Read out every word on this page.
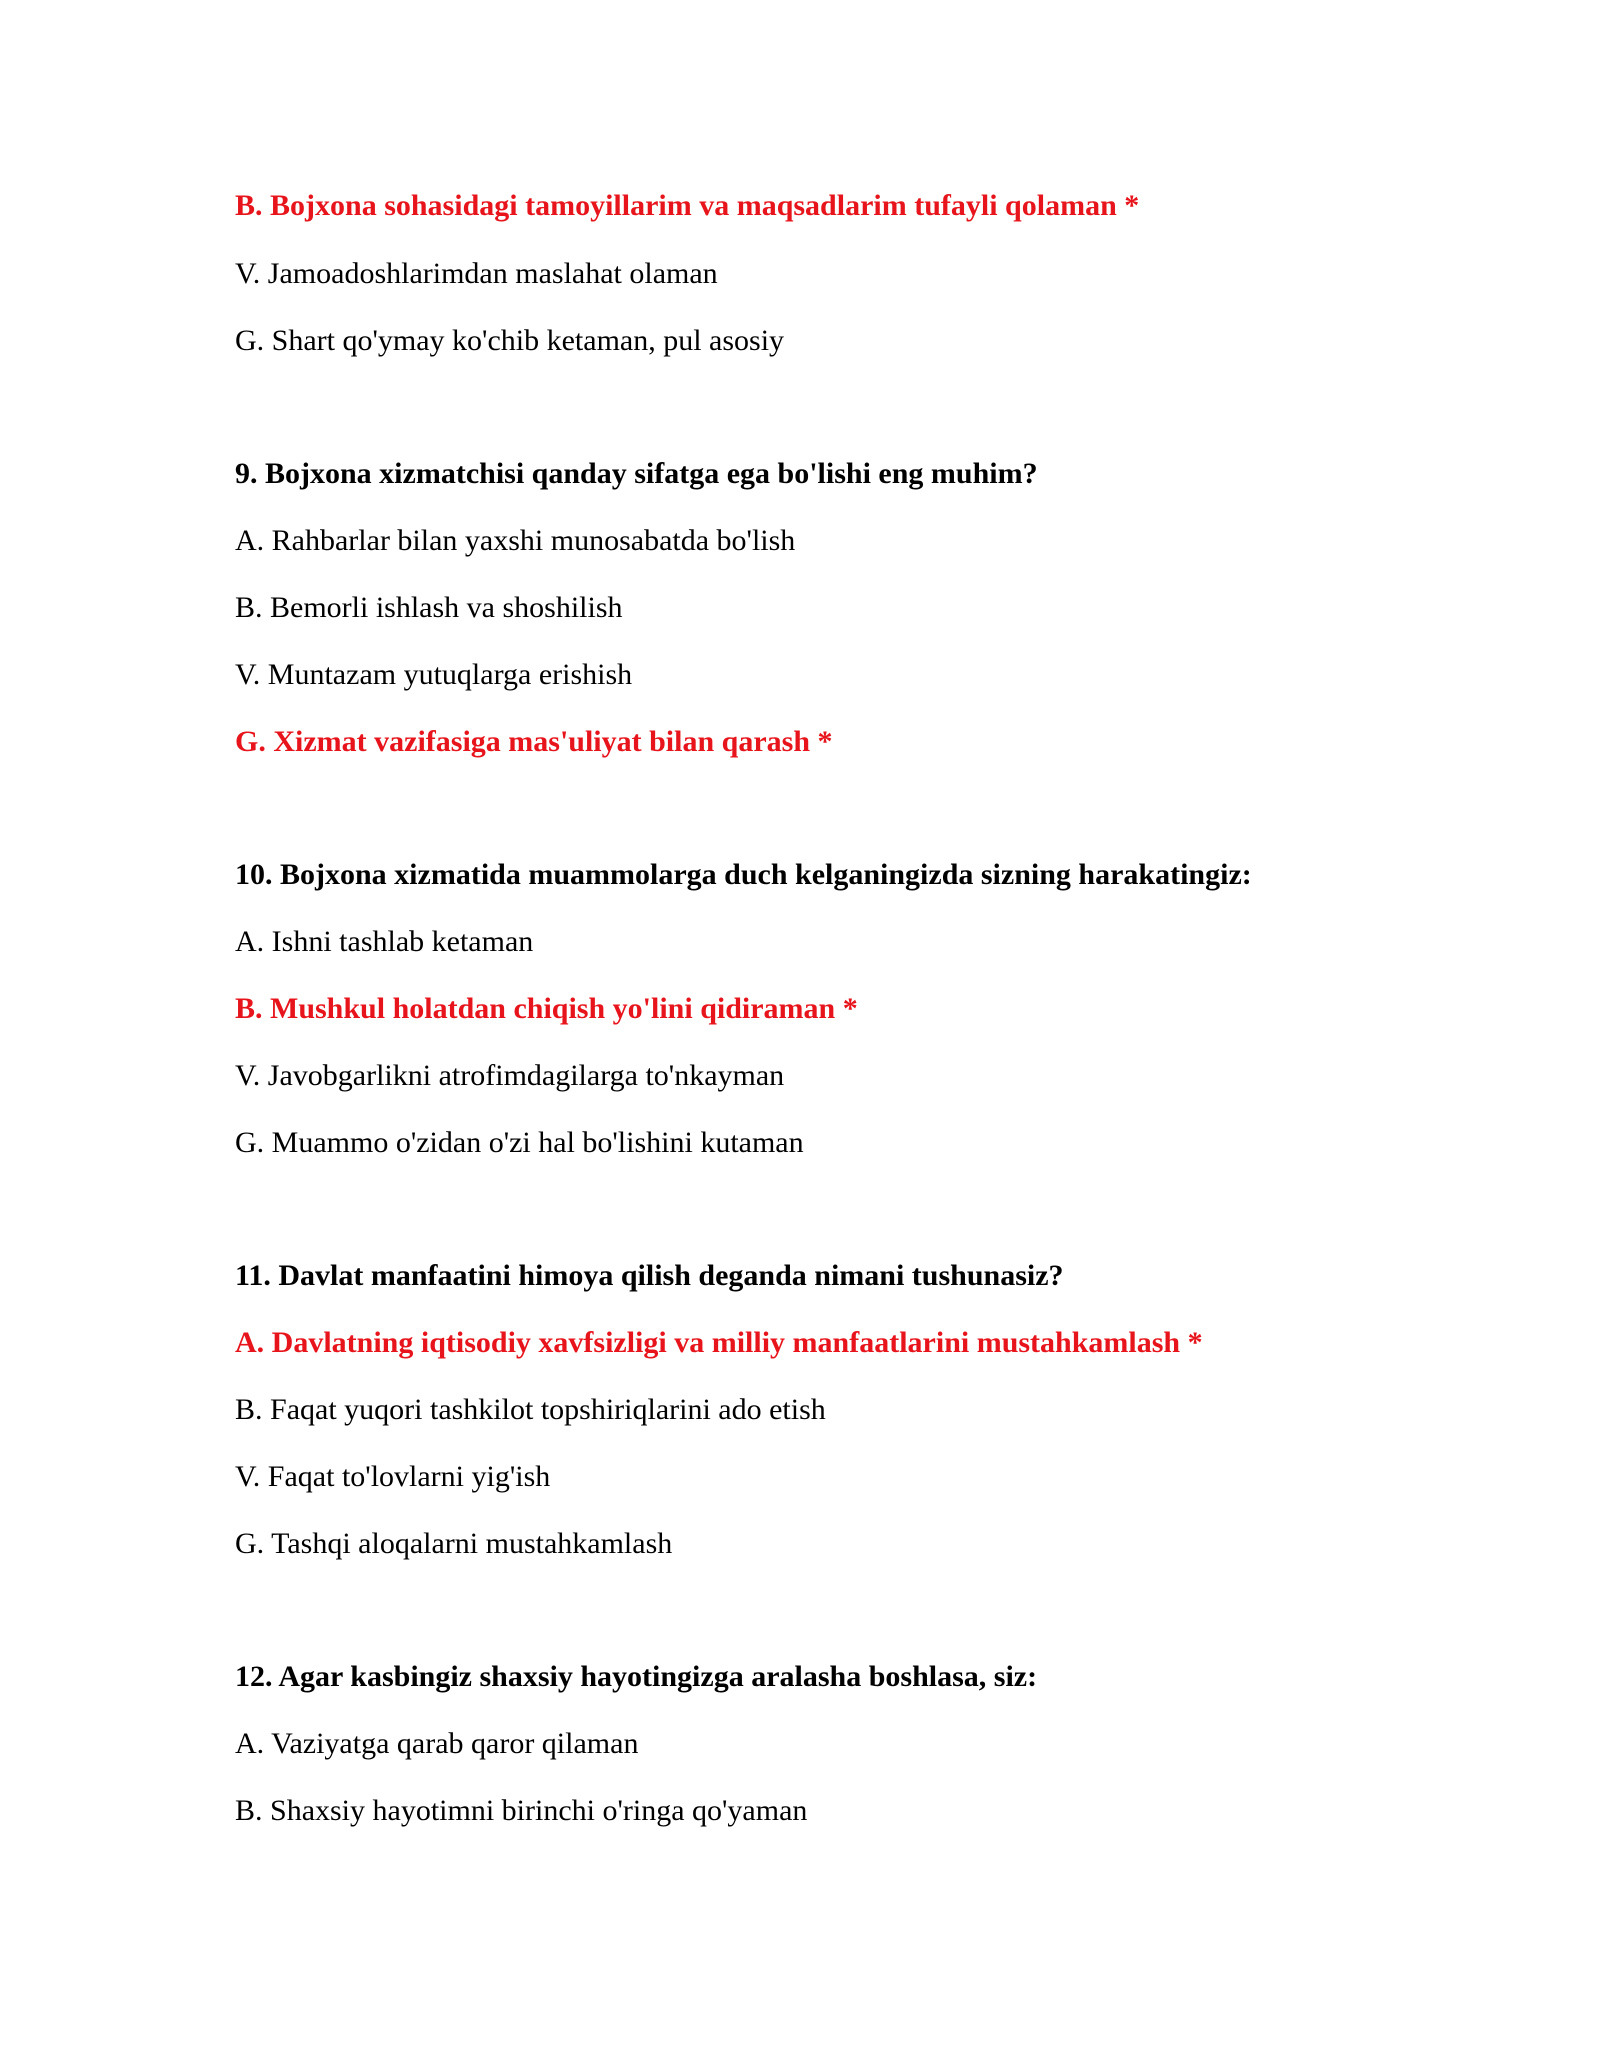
B. Bojxona sohasidagi tamoyillarim va maqsadlarim tufayli qolaman *
V. Jamoadoshlarimdan maslahat olaman
G. Shart qo'ymay ko'chib ketaman, pul asosiy
9. Bojxona xizmatchisi qanday sifatga ega bo'lishi eng muhim?
A. Rahbarlar bilan yaxshi munosabatda bo'lish
B. Bemorli ishlash va shoshilish
V. Muntazam yutuqlarga erishish
G. Xizmat vazifasiga mas'uliyat bilan qarash *
10. Bojxona xizmatida muammolarga duch kelganingizda sizning harakatingiz:
A. Ishni tashlab ketaman
B. Mushkul holatdan chiqish yo'lini qidiraman *
V. Javobgarlikni atrofimdagilarga to'nkayman
G. Muammo o'zidan o'zi hal bo'lishini kutaman
11. Davlat manfaatini himoya qilish deganda nimani tushunasiz?
A. Davlatning iqtisodiy xavfsizligi va milliy manfaatlarini mustahkamlash *
B. Faqat yuqori tashkilot topshiriqlarini ado etish
V. Faqat to'lovlarni yig'ish
G. Tashqi aloqalarni mustahkamlash
12. Agar kasbingiz shaxsiy hayotingizga aralasha boshlasa, siz:
A. Vaziyatga qarab qaror qilaman
B. Shaxsiy hayotimni birinchi o'ringa qo'yaman
